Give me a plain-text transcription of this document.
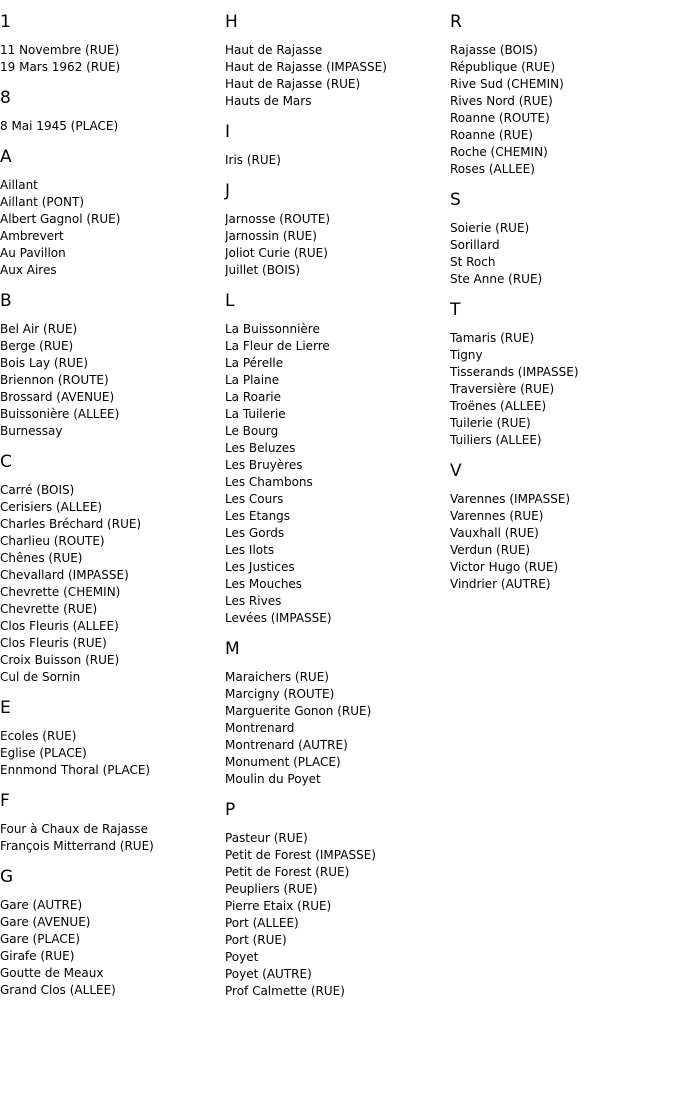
1
11 Novembre (RUE)
19 Mars 1962 (RUE)
8
8 Mai 1945 (PLACE)
A
Aillant
Aillant (PONT)
Albert Gagnol (RUE)
Ambrevert
Au Pavillon
Aux Aires
B
Bel Air (RUE)
Berge (RUE)
Bois Lay (RUE)
Briennon (ROUTE)
Brossard (AVENUE)
Buissonière (ALLEE)
Burnessay
C
Carré (BOIS)
Cerisiers (ALLEE)
Charles Bréchard (RUE)
Charlieu (ROUTE)
Chênes (RUE)
Chevallard (IMPASSE)
Chevrette (CHEMIN)
Chevrette (RUE)
Clos Fleuris (ALLEE)
Clos Fleuris (RUE)
Croix Buisson (RUE)
Cul de Sornin
E
Ecoles (RUE)
Eglise (PLACE)
Ennmond Thoral (PLACE)
F
Four à Chaux de Rajasse
François Mitterrand (RUE)
G
Gare (AUTRE)
Gare (AVENUE)
Gare (PLACE)
Girafe (RUE)
Goutte de Meaux
Grand Clos (ALLEE)
H
Haut de Rajasse
Haut de Rajasse (IMPASSE)
Haut de Rajasse (RUE)
Hauts de Mars
I
Iris (RUE)
J
Jarnosse (ROUTE)
Jarnossin (RUE)
Joliot Curie (RUE)
Juillet (BOIS)
L
La Buissonnière
La Fleur de Lierre
La Pérelle
La Plaine
La Roarie
La Tuilerie
Le Bourg
Les Beluzes
Les Bruyères
Les Chambons
Les Cours
Les Etangs
Les Gords
Les Ilots
Les Justices
Les Mouches
Les Rives
Levées (IMPASSE)
M
Maraichers (RUE)
Marcigny (ROUTE)
Marguerite Gonon (RUE)
Montrenard
Montrenard (AUTRE)
Monument (PLACE)
Moulin du Poyet
P
Pasteur (RUE)
Petit de Forest (IMPASSE)
Petit de Forest (RUE)
Peupliers (RUE)
Pierre Etaix (RUE)
Port (ALLEE)
Port (RUE)
Poyet
Poyet (AUTRE)
Prof Calmette (RUE)
R
Rajasse (BOIS)
République (RUE)
Rive Sud (CHEMIN)
Rives Nord (RUE)
Roanne (ROUTE)
Roanne (RUE)
Roche (CHEMIN)
Roses (ALLEE)
S
Soierie (RUE)
Sorillard
St Roch
Ste Anne (RUE)
T
Tamaris (RUE)
Tigny
Tisserands (IMPASSE)
Traversière (RUE)
Troënes (ALLEE)
Tuilerie (RUE)
Tuiliers (ALLEE)
V
Varennes (IMPASSE)
Varennes (RUE)
Vauxhall (RUE)
Verdun (RUE)
Victor Hugo (RUE)
Vindrier (AUTRE)
